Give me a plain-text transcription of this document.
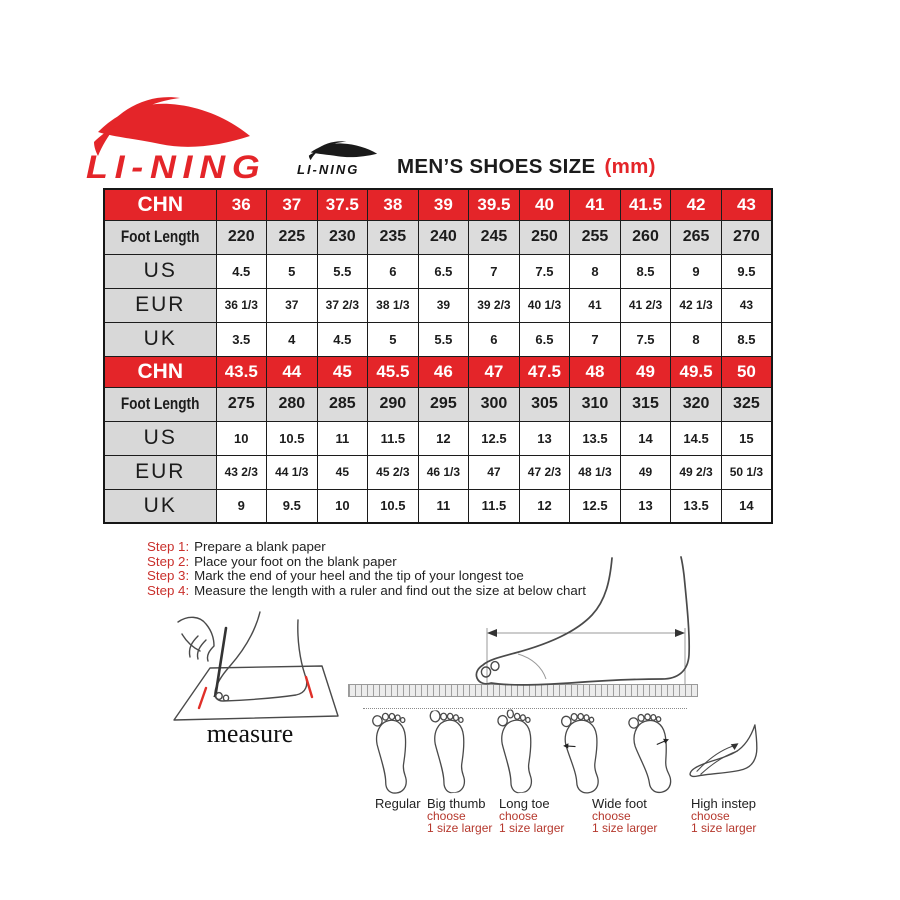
LI-NING LI-NING MEN’S SHOES SIZE (mm)
CHN	36	37	37.5	38	39	39.5	40	41	41.5	42	43
Foot Length	220	225	230	235	240	245	250	255	260	265	270
US	4.5	5	5.5	6	6.5	7	7.5	8	8.5	9	9.5
EUR	36 1/3	37	37 2/3	38 1/3	39	39 2/3	40 1/3	41	41 2/3	42 1/3	43
UK	3.5	4	4.5	5	5.5	6	6.5	7	7.5	8	8.5
CHN	43.5	44	45	45.5	46	47	47.5	48	49	49.5	50
Foot Length	275	280	285	290	295	300	305	310	315	320	325
US	10	10.5	11	11.5	12	12.5	13	13.5	14	14.5	15
EUR	43 2/3	44 1/3	45	45 2/3	46 1/3	47	47 2/3	48 1/3	49	49 2/3	50 1/3
UK	9	9.5	10	10.5	11	11.5	12	12.5	13	13.5	14
Step 1: Prepare a blank paper
Step 2: Place your foot on the blank paper
Step 3: Mark the end of your heel and the tip of your longest toe
Step 4: Measure the length with a ruler and find out the size at below chart
measure
Regular Big thumb
choose
1 size larger
Long toe
choose
1 size larger
Wide foot
choose
1 size larger
High instep
choose
1 size larger
